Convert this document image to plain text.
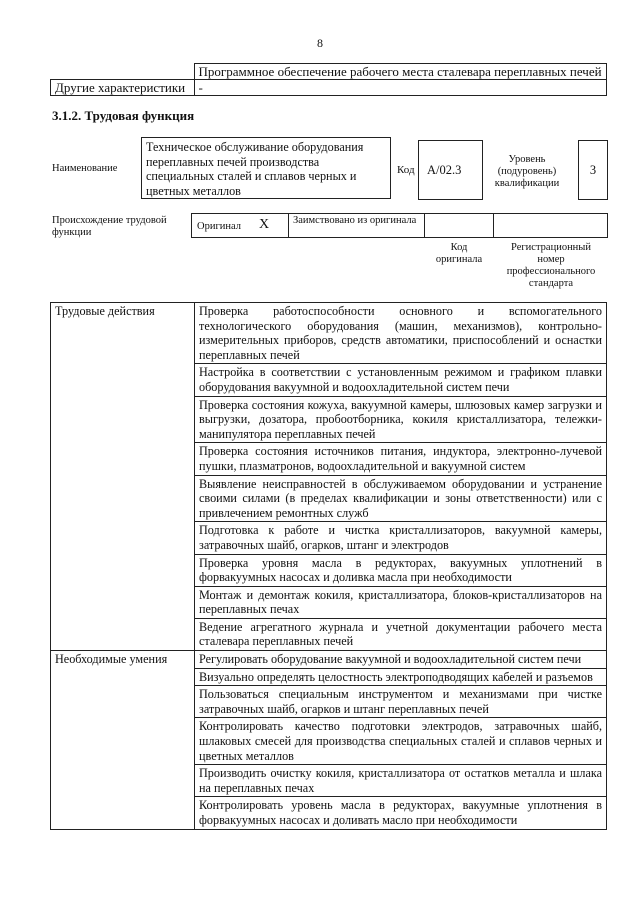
8
	Программное обеспечение рабочего места сталевара переплавных печей
Другие характеристики	-
3.1.2. Трудовая функция
Наименование
Техническое обслуживание оборудования переплавных печей производства специальных сталей и сплавов черных и цветных металлов
Код А/02.3
Уровень (подуровень) квалификации
3
Происхождение трудовой функции
Оригинал X Заимствовано из оригинала
Код оригинала
Регистрационный номер профессионального стандарта
Трудовые действия	Проверка работоспособности основного и вспомогательного технологического оборудования (машин, механизмов), контрольно-измерительных приборов, средств автоматики, приспособлений и оснастки переплавных печей
	Настройка в соответствии с установленным режимом и графиком плавки оборудования вакуумной и водоохладительной систем печи
	Проверка состояния кожуха, вакуумной камеры, шлюзовых камер загрузки и выгрузки, дозатора, пробоотборника, кокиля кристаллизатора, тележки-манипулятора переплавных печей
	Проверка состояния источников питания, индуктора, электронно-лучевой пушки, плазматронов, водоохладительной и вакуумной систем
	Выявление неисправностей в обслуживаемом оборудовании и устранение своими силами (в пределах квалификации и зоны ответственности) или с привлечением ремонтных служб
	Подготовка к работе и чистка кристаллизаторов, вакуумной камеры, затравочных шайб, огарков, штанг и электродов
	Проверка уровня масла в редукторах, вакуумных уплотнений в форвакуумных насосах и доливка масла при необходимости
	Монтаж и демонтаж кокиля, кристаллизатора, блоков-кристаллизаторов на переплавных печах
	Ведение агрегатного журнала и учетной документации рабочего места сталевара переплавных печей
Необходимые умения	Регулировать оборудование вакуумной и водоохладительной систем печи
	Визуально определять целостность электроподводящих кабелей и разъемов
	Пользоваться специальным инструментом и механизмами при чистке затравочных шайб, огарков и штанг переплавных печей
	Контролировать качество подготовки электродов, затравочных шайб, шлаковых смесей для производства специальных сталей и сплавов черных и цветных металлов
	Производить очистку кокиля, кристаллизатора от остатков металла и шлака на переплавных печах
	Контролировать уровень масла в редукторах, вакуумные уплотнения в форвакуумных насосах и доливать масло при необходимости
